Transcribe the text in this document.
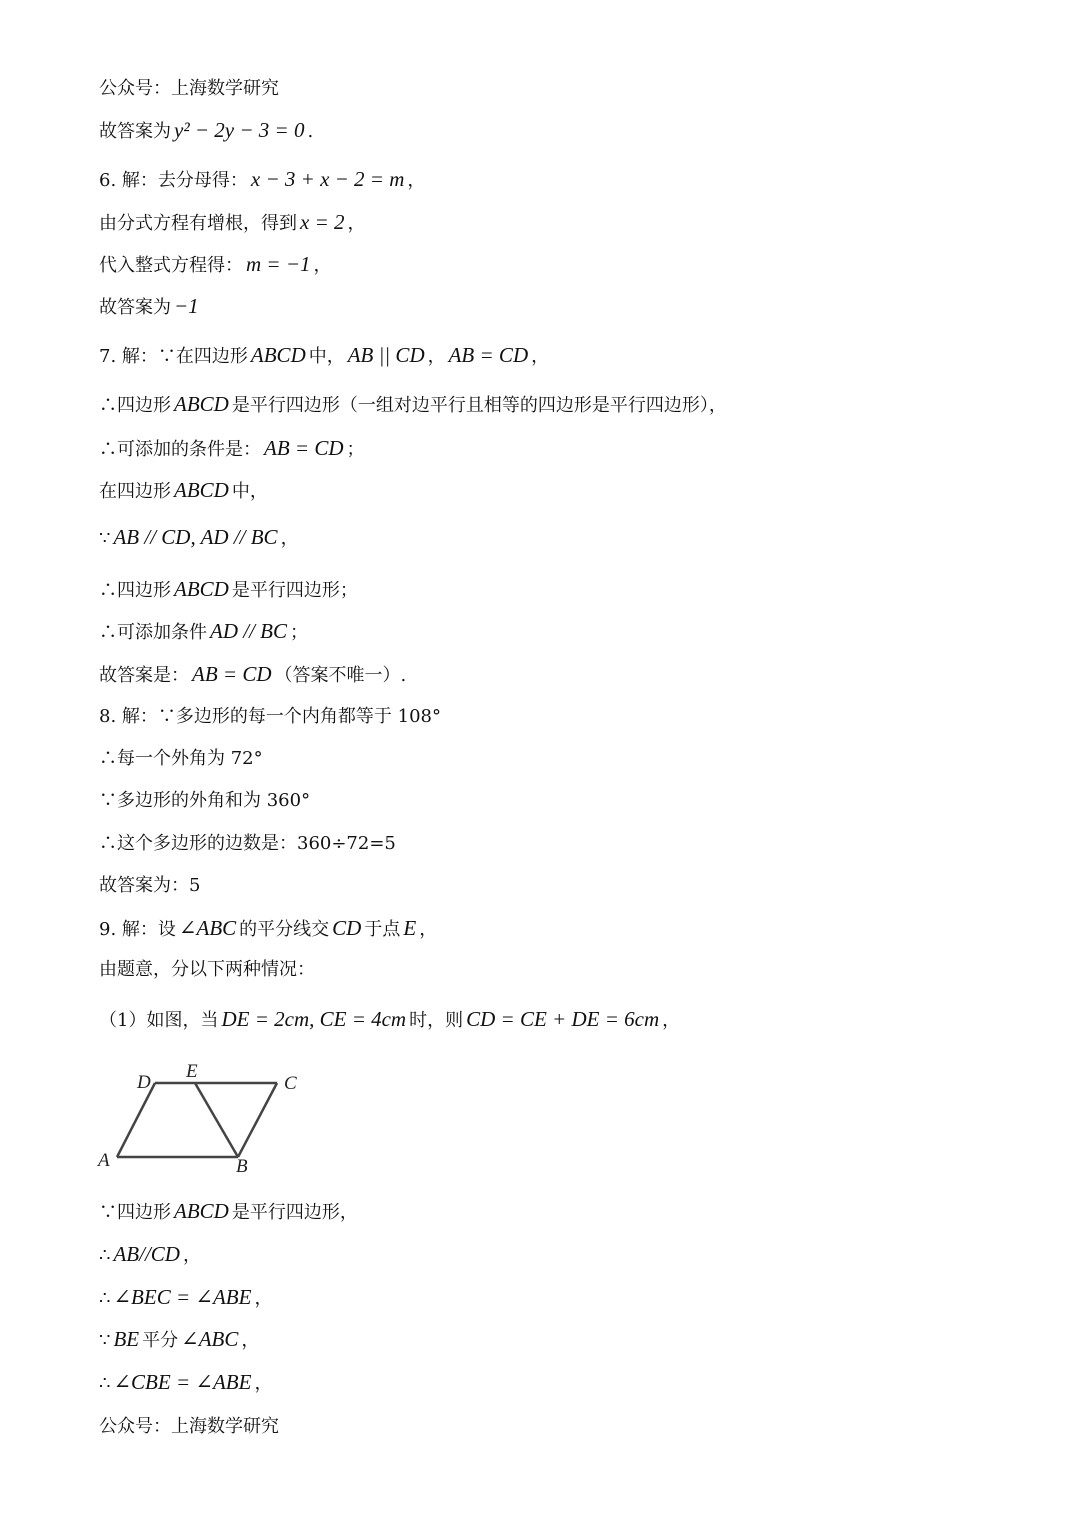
公众号：上海数学研究
故答案为 y² − 2y − 3 = 0 .
6. 解：去分母得： x − 3 + x − 2 = m ，
由分式方程有增根，得到 x = 2 ，
代入整式方程得： m = −1 ，
故答案为 −1
7. 解：∵在四边形 ABCD 中， AB || CD ， AB = CD ，
∴四边形 ABCD 是平行四边形（一组对边平行且相等的四边形是平行四边形），
∴可添加的条件是： AB = CD ；
在四边形 ABCD 中，
∵ AB // CD, AD // BC ，
∴四边形 ABCD 是平行四边形；
∴可添加条件 AD // BC ；
故答案是： AB = CD （答案不唯一）.
8. 解：∵多边形的每一个内角都等于 108°
∴每一个外角为 72°
∵多边形的外角和为 360°
∴这个多边形的边数是：360÷72=5
故答案为：5
9. 解：设 ∠ABC 的平分线交 CD 于点 E ，
由题意，分以下两种情况：
（1）如图，当 DE = 2cm, CE = 4cm 时，则 CD = CE + DE = 6cm ，
∵四边形 ABCD 是平行四边形，
∴ AB//CD ，
∴ ∠BEC = ∠ABE ，
∵ BE 平分 ∠ABC ，
∴ ∠CBE = ∠ABE ，
D
E
C
A	B
公众号：上海数学研究
